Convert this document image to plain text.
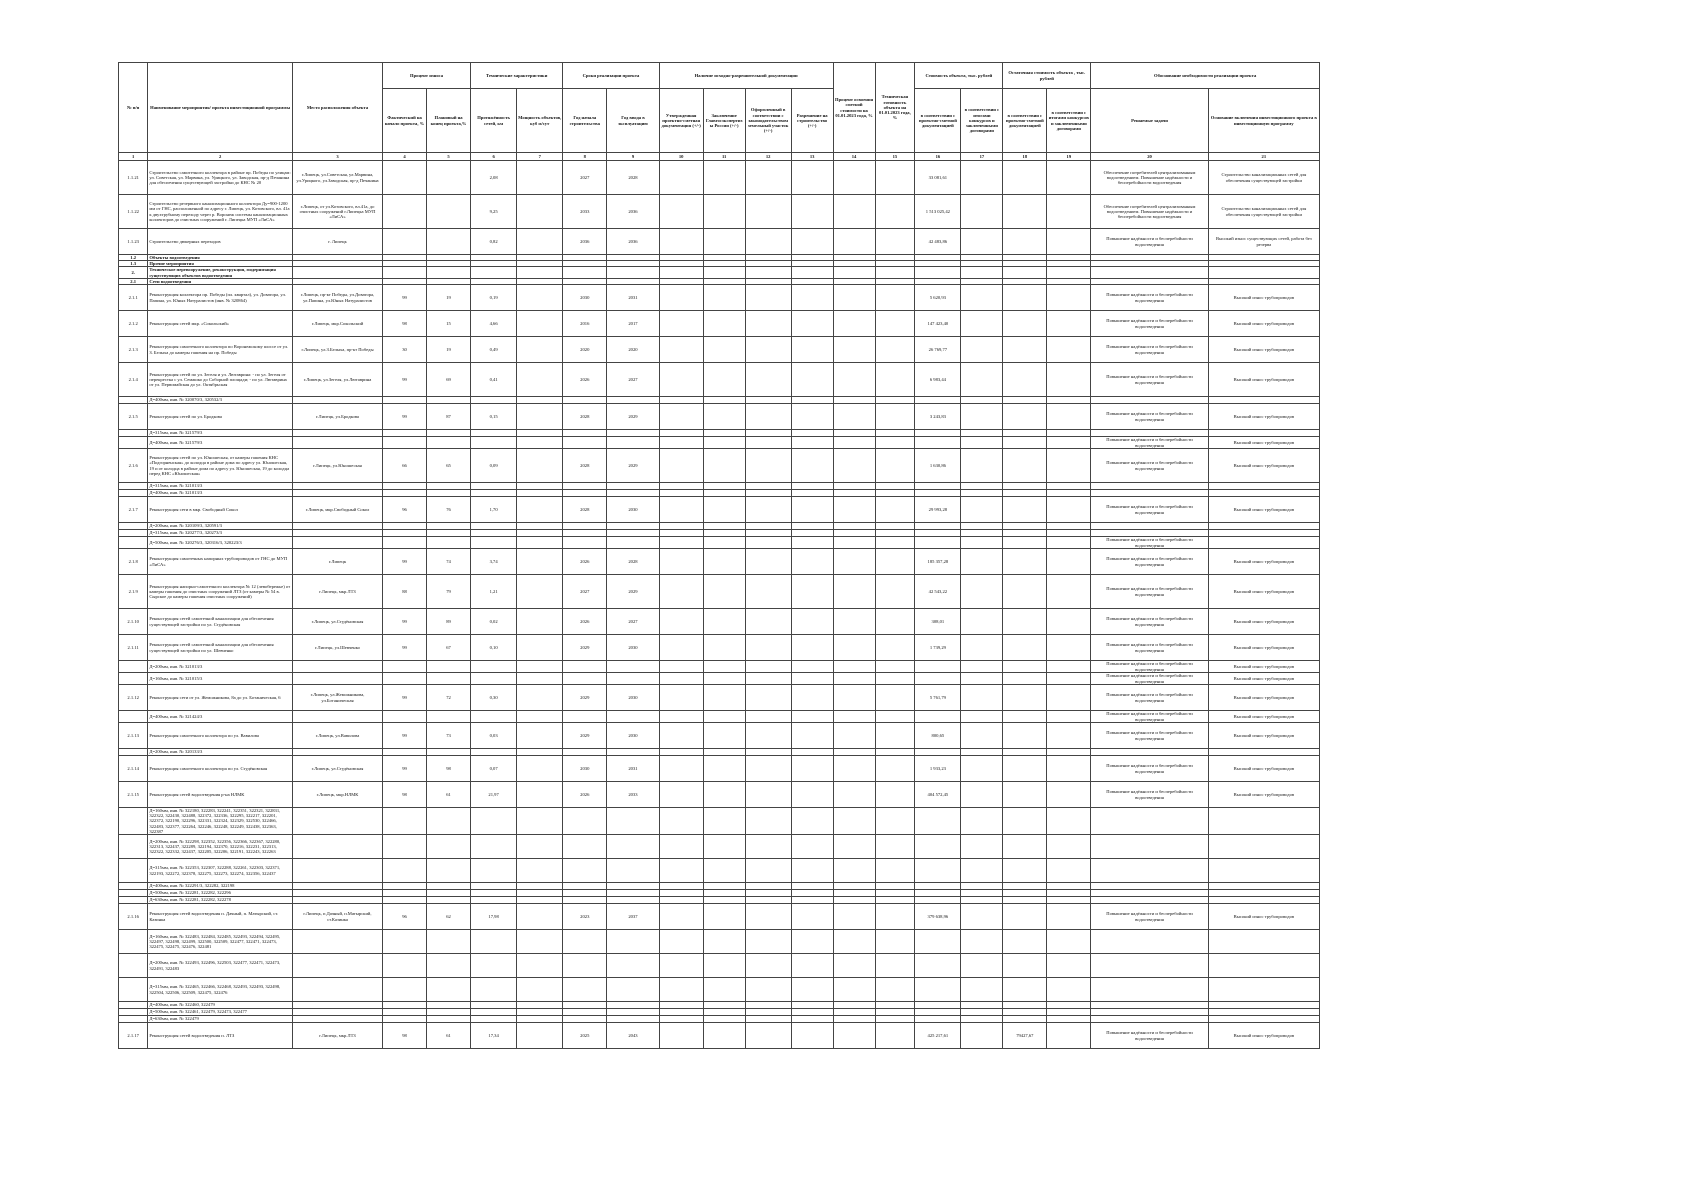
№ п/п	Наименование мероприятия/ проекта инвестиционной программы	Место расположения объекта	Процент износа		Технические характеристики		Сроки реализации проекта		Наличие исходно-разрешительной документации				Процент освоения сметной стоимости на 01.01.2023 года, %	Техническая готовность объекта на 01.01.2023 года, %	Стоимость объекта, тыс. рублей		Остаточная стоимость объекта , тыс. рублей		Обоснование необходимости реализации проекта	
			Фактический на начало проекта, %	Плановый на конец проекта,%	Протяжённость сетей, км	Мощность объектов, куб м/сут	Год начала строительства	Год ввода в эксплуатацию	Утвержденная проектно-сметная документация (+/-)	Заключение Главгосэкспертизы России (+/-)	Оформленный в соответствии с законодательством земельный участок (+/-)	Разрешение на строительство (+/-)			в соответствии с проектно-сметной документацией	в соответствии с итогами конкурсов и заключенными договорами	в соответствии с проектно-сметной документацией	в соответствии с итогами конкурсов и заключенными договорами	Решаемые задачи	Основание включения инвестиционного проекта в инвестиционную программу
1	2	3	4	5	6	7	8	9	10	11	12	13	14	15	16	17	18	19	20	21
1.1.21	Строительство самотечного коллектора в районе пр. Победы по улицам: ул. Советская, ул. Марвина, ул. Урицкого, ул. Заводская, пр-д Печанина для обеспечения существующей застройки до КНС № 20	г.Липецк, ул.Советская, ул.Марвина, ул.Урицкого, ул.Заводская, пр-д Печанина			2,08		2027	2028							33 081,61				Обеспечение потребителей централизованным водоотведением. Повышение надёжности и бесперебойности водоотведения	Строительство канализационных сетей для обеспечения существующей застройки
1.1.22	Строительство резервного канализационного коллектора Ду=900-1200 мм от ГНС, расположенной по адресу г. Липецк, ул. Котовского, вл. 41а к двухтрубному переходу через р. Воронеж системы канализационных коллекторов до очистных сооружений г. Липецка МУП «ЛиСА»	г.Липецк, от ул.Котовского, вл.41а, до очистных сооружений г.Липецка МУП «ЛиСА»			9,25		2033	2036							1 513 025,42				Обеспечение потребителей централизованным водоотведением. Повышение надёжности и бесперебойности водоотведения	Строительство канализационных сетей для обеспечения существующей застройки
1.1.23	Строительство дюкерных переходов	г. Липецк			0,82		2036	2036							42 483,86				Повышение надёжности и бесперебойности водоотведения	Высокий износ существующих сетей, работа без резерва
1.2	Объекты водоотведения																			
1.3	Прочие мероприятия																			
2.	Техническое перевооружение, реконструкция, модернизация существующих объектов водоотведения																			
2.1	Сети водоотведения																			
2.1.1	Реконструкция коллектора пр. Победы (пл. квартал), ул. Доватора, ул. Папина, ул. Юных Натуралистов (инв. № 320864)	г.Липецк, пр-кт Победы, ул.Доватора, ул.Папина, ул.Юных Натуралистов	99	19	0,19		2030	2031							5 620,93				Повышение надёжности и бесперебойности водоотведения	Высокий износ трубопроводов
2.1.2	Реконструкция сетей мкр. «Сокольский»	г.Липецк, мкр.Сокольский	98	15	4,66		2016	2017							147 423,40				Повышение надёжности и бесперебойности водоотведения	Высокий износ трубопроводов
2.1.3	Реконструкция самотечного коллектора по Воронежскому шоссе от ул. З. Белыха до камеры гашения на пр. Победы	г.Липецк, ул.З.Белыха, пр-кт Победы	30	19	0,49		2020	2020							26 769,77				Повышение надёжности и бесперебойности водоотведения	Высокий износ трубопроводов
2.1.4	Реконструкция сетей по ул. Зегеля и ул. Лютаврина: - по ул. Зегеля от перекрестка с ул. Семашко до Соборной площади; - по ул. Лютаврина от ул. Первомайская до ул. Октябрьская	г.Липецк, ул.Зегеля, ул.Лютаврина	99	69	0,41		2026	2027							6 983,44				Повышение надёжности и бесперебойности водоотведения	Высокий износ трубопроводов
	Д=400мм, инв. № 320070/3, 320532/3																			
2.1.5	Реконструкция сетей по ул. Бродкова	г.Липецк, ул.Бродкова	99	87	0,15		2028	2029							3 243,83				Повышение надёжности и бесперебойности водоотведения	Высокий износ трубопроводов
	Д=315мм, инв. № 321579/3																			
	Д=400мм, инв. № 321579/3																		Повышение надёжности и бесперебойности водоотведения	Высокий износ трубопроводов
2.1.6	Реконструкция сетей по ул. Юношеская, от камеры гашения КНС «Подгорненская» до колодца в районе дома по адресу ул. Юношеская, 19 и от колодца в районе дома по адресу ул. Юношеская, 19 до колодца перед КНС «Юношеская»	г.Липецк, ул.Юношеская	66	65	0,09		2028	2029							1 630,86				Повышение надёжности и бесперебойности водоотведения	Высокий износ трубопроводов
	Д=315мм, инв. № 321013/3																			
	Д=400мм, инв. № 321013/3																			
2.1.7	Реконструкция сети в мкр. Свободный Сокол	г.Липецк, мкр.Свободный Сокол	96	76	1,70		2028	2030							29 993,28				Повышение надёжности и бесперебойности водоотведения	Высокий износ трубопроводов
	Д=200мм, инв. № 320109/3, 320591/3																			
	Д=315мм, инв. № 320277/3, 320273/3																			
	Д=500мм, инв. № 320276/3, 320316/3, 320223/3																		Повышение надёжности и бесперебойности водоотведения	
2.1.8	Реконструкция самотечных напорных трубопроводов от ГНС до МУП «ЛиСА»	г.Липецк	99	74	3,74		2026	2028							185 357,28				Повышение надёжности и бесперебойности водоотведения	Высокий износ трубопроводов
2.1.9	Реконструкция напорно-самотечного коллектора № 12 (левобережье) от камеры гашения до очистных сооружений ЛТЗ (от камеры № 54 в. Сырское до камеры гашения очистных сооружений)	г.Липецк, мкр.ЛТЗ	88	79	1,21		2027	2029							42 543,22				Повышение надёжности и бесперебойности водоотведения	Высокий износ трубопроводов
2.1.10	Реконструкция сетей самотечной канализации для обеспечения существующей застройки по ул. Студёновская	г.Липецк, ул.Студёновская	99	89	0,02		2026	2027							308,01				Повышение надёжности и бесперебойности водоотведения	Высокий износ трубопроводов
2.1.11	Реконструкция сетей самотечной канализации для обеспечения существующей застройки по ул. Шевченко	г.Липецк, ул.Шевченко	99	67	0,10		2029	2030							1 739,29				Повышение надёжности и бесперебойности водоотведения	Высокий износ трубопроводов
	Д=200мм, инв. № 321013/3																		Повышение надёжности и бесперебойности водоотведения	Высокий износ трубопроводов
	Д=160мм, инв. № 321015/3																		Повышение надёжности и бесперебойности водоотведения	Высокий износ трубопроводов
2.1.12	Реконструкция сети от ул. Жеможникова, 8а до ул. Ботаническая, 6	г.Липецк, ул.Жеможникова, ул.Ботаническая	99	72	0,30		2029	2030							5 761,79				Повышение надёжности и бесперебойности водоотведения	Высокий износ трубопроводов
	Д=400мм, инв. № 321424/3																		Повышение надёжности и бесперебойности водоотведения	Высокий износ трубопроводов
2.1.13	Реконструкция самотечного коллектора по ул. Вавилова	г.Липецк, ул.Вавилова	99	73	0,03		2029	2030							800,65				Повышение надёжности и бесперебойности водоотведения	Высокий износ трубопроводов
	Д=200мм, инв. № 320133/3																			
2.1.14	Реконструкция самотечного коллектора по ул. Студёновская	г.Липецк, ул.Студёновская	99	98	0,07		2030	2031							1 933,23				Повышение надёжности и бесперебойности водоотведения	Высокий износ трубопроводов
2.1.15	Реконструкция сетей водоотведения р-на НЛМК	г.Липецк, мкр.НЛМК	98	61	21,97		2026	2033							404 572,45				Повышение надёжности и бесперебойности водоотведения	Высокий износ трубопроводов
	Д=160мм, инв. № 322180, 322283, 322241, 322351, 322321, 322831, 322322, 322430, 322488, 322372, 322336, 322295, 322217, 322201, 322372, 322190, 322296, 322331, 322324, 322329, 322530, 322466, 322483, 322377, 322264, 322246, 322248, 322249, 322438, 322363, 322387																			
	Д=200мм, инв. № 322298, 322352, 322356, 322366, 322367, 322280, 322313, 322437, 322289, 322194, 322370, 322216, 322231, 322313, 322322, 322332, 322437, 322205, 322206, 322191, 322243, 322263																			
	Д=315мм, инв. № 322353, 322307, 322288, 322261, 322303, 322371, 322193, 322272, 322378, 322275, 322273, 322274, 322356, 322437																			
	Д=400мм, инв. № 322291/3, 322282, 322198																			
	Д=500мм, инв. № 322281, 322282, 322296																			
	Д=630мм, инв. № 322281, 322282, 322278																			
2.1.16	Реконструкция сетей водоотведения п. Дачный, п. Матырский, ст. Казинка	г.Липецк, п.Дачный, п.Матырский, ст.Казинка	96	62	17,98		2023	2037							379 638,96				Повышение надёжности и бесперебойности водоотведения	Высокий износ трубопроводов
	Д=160мм, инв. № 322483, 322484, 322485, 322493, 322494, 322495, 322497, 322498, 322499, 322500, 322509, 322477, 322471, 322473, 322475, 322475, 322476, 322481																			
	Д=200мм, инв. № 322493, 322496, 322503, 322477, 322471, 322473, 322491, 322483																			
	Д=315мм, инв. № 322465, 322466, 322468, 322493, 322493, 322498, 322504, 322506, 322509, 322475, 322476																			
	Д=400мм, инв. № 322460, 322479																			
	Д=500мм, инв. № 322461, 322479, 322473, 322477																			
	Д=630мм, инв. № 322479																			
2.1.17	Реконструкция сетей водоотведения п. ЛТЗ	г.Липецк, мкр.ЛТЗ	98	61	17,34		2025	2043							425 217,61		79427,67		Повышение надёжности и бесперебойности водоотведения	Высокий износ трубопроводов
